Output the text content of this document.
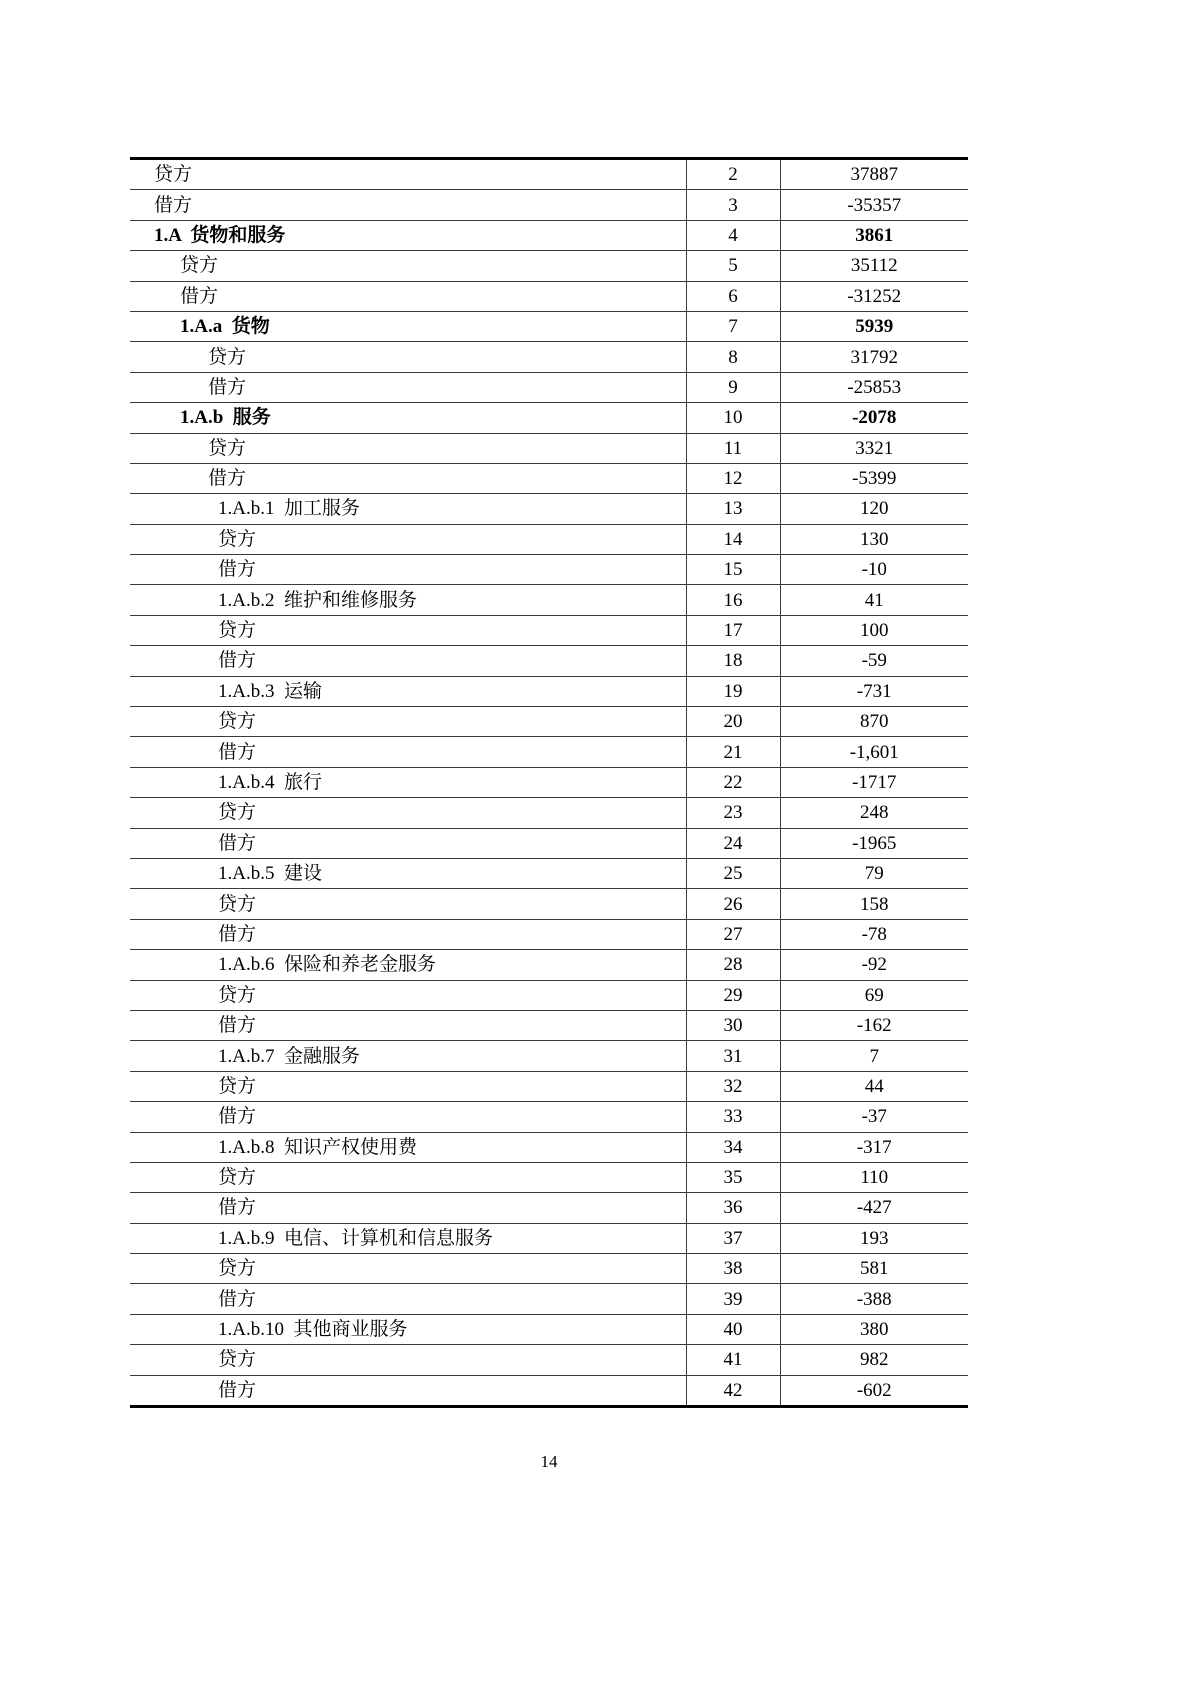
贷方	2	37887
借方	3	-35357
1.A  货物和服务	4	3861
贷方	5	35112
借方	6	-31252
1.A.a  货物	7	5939
贷方	8	31792
借方	9	-25853
1.A.b  服务	10	-2078
贷方	11	3321
借方	12	-5399
1.A.b.1  加工服务	13	120
贷方	14	130
借方	15	-10
1.A.b.2  维护和维修服务	16	41
贷方	17	100
借方	18	-59
1.A.b.3  运输	19	-731
贷方	20	870
借方	21	-1,601
1.A.b.4  旅行	22	-1717
贷方	23	248
借方	24	-1965
1.A.b.5  建设	25	79
贷方	26	158
借方	27	-78
1.A.b.6  保险和养老金服务	28	-92
贷方	29	69
借方	30	-162
1.A.b.7  金融服务	31	7
贷方	32	44
借方	33	-37
1.A.b.8  知识产权使用费	34	-317
贷方	35	110
借方	36	-427
1.A.b.9  电信、计算机和信息服务	37	193
贷方	38	581
借方	39	-388
1.A.b.10  其他商业服务	40	380
贷方	41	982
借方	42	-602
14
